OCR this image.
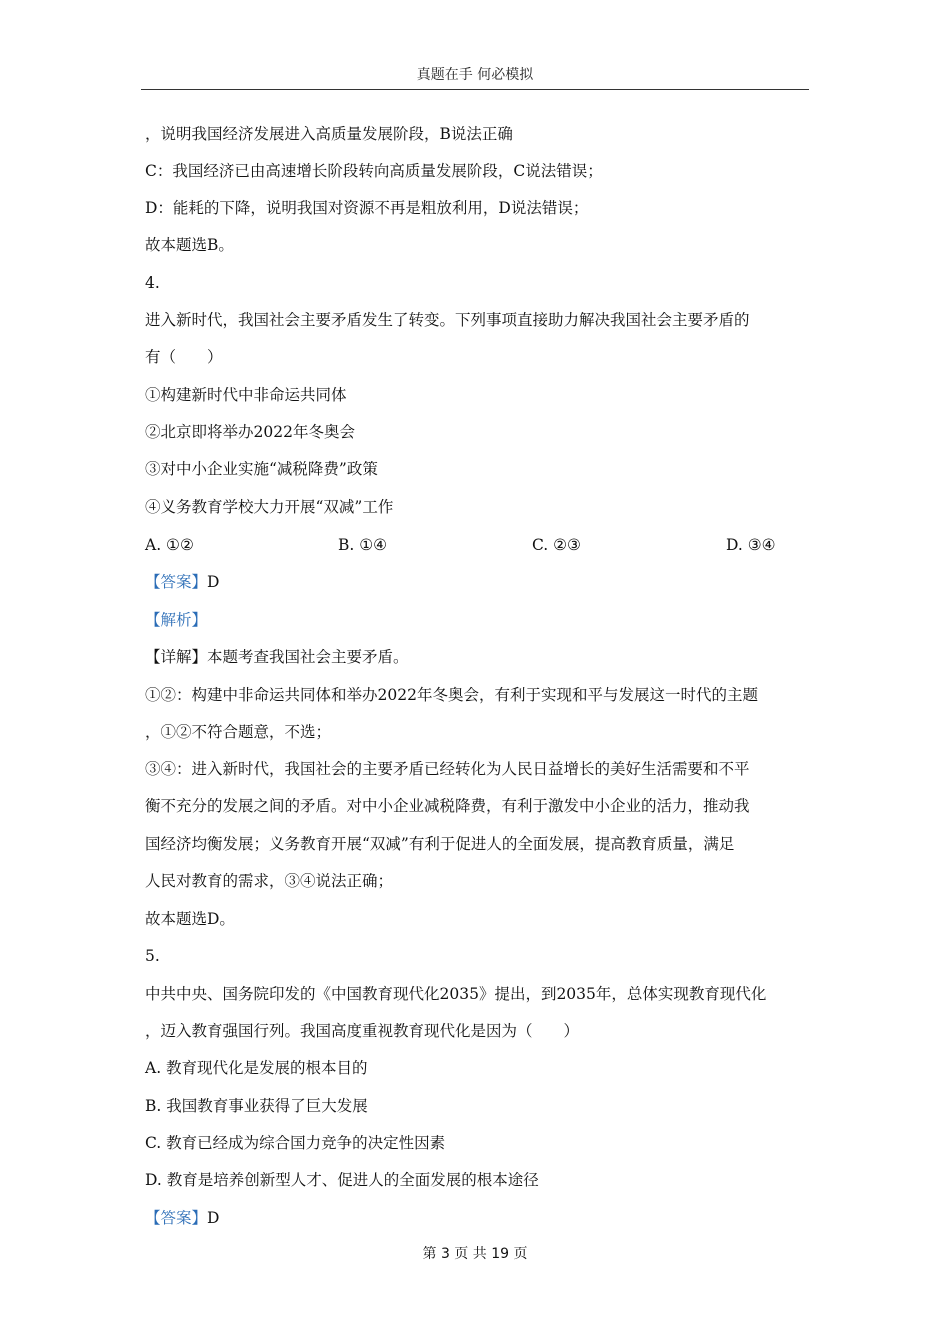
真题在手 何必模拟
，说明我国经济发展进入高质量发展阶段，B说法正确
C：我国经济已由高速增长阶段转向高质量发展阶段，C说法错误；
D：能耗的下降，说明我国对资源不再是粗放利用，D说法错误；
故本题选B。
4.
进入新时代，我国社会主要矛盾发生了转变。下列事项直接助力解决我国社会主要矛盾的
有（　　）
①构建新时代中非命运共同体
②北京即将举办2022年冬奥会
③对中小企业实施“减税降费”政策
④义务教育学校大力开展“双减”工作
A. ①②	B. ①④	C. ②③	D. ③④
【答案】D
【解析】
【详解】本题考查我国社会主要矛盾。
①②：构建中非命运共同体和举办2022年冬奥会，有利于实现和平与发展这一时代的主题
，①②不符合题意，不选；
③④：进入新时代，我国社会的主要矛盾已经转化为人民日益增长的美好生活需要和不平
衡不充分的发展之间的矛盾。对中小企业减税降费，有利于激发中小企业的活力，推动我
国经济均衡发展；义务教育开展“双减”有利于促进人的全面发展，提高教育质量，满足
人民对教育的需求，③④说法正确；
故本题选D。
5.
中共中央、国务院印发的《中国教育现代化2035》提出，到2035年，总体实现教育现代化
，迈入教育强国行列。我国高度重视教育现代化是因为（　　）
A. 教育现代化是发展的根本目的
B. 我国教育事业获得了巨大发展
C. 教育已经成为综合国力竞争的决定性因素
D. 教育是培养创新型人才、促进人的全面发展的根本途径
【答案】D
第 3 页 共 19 页
